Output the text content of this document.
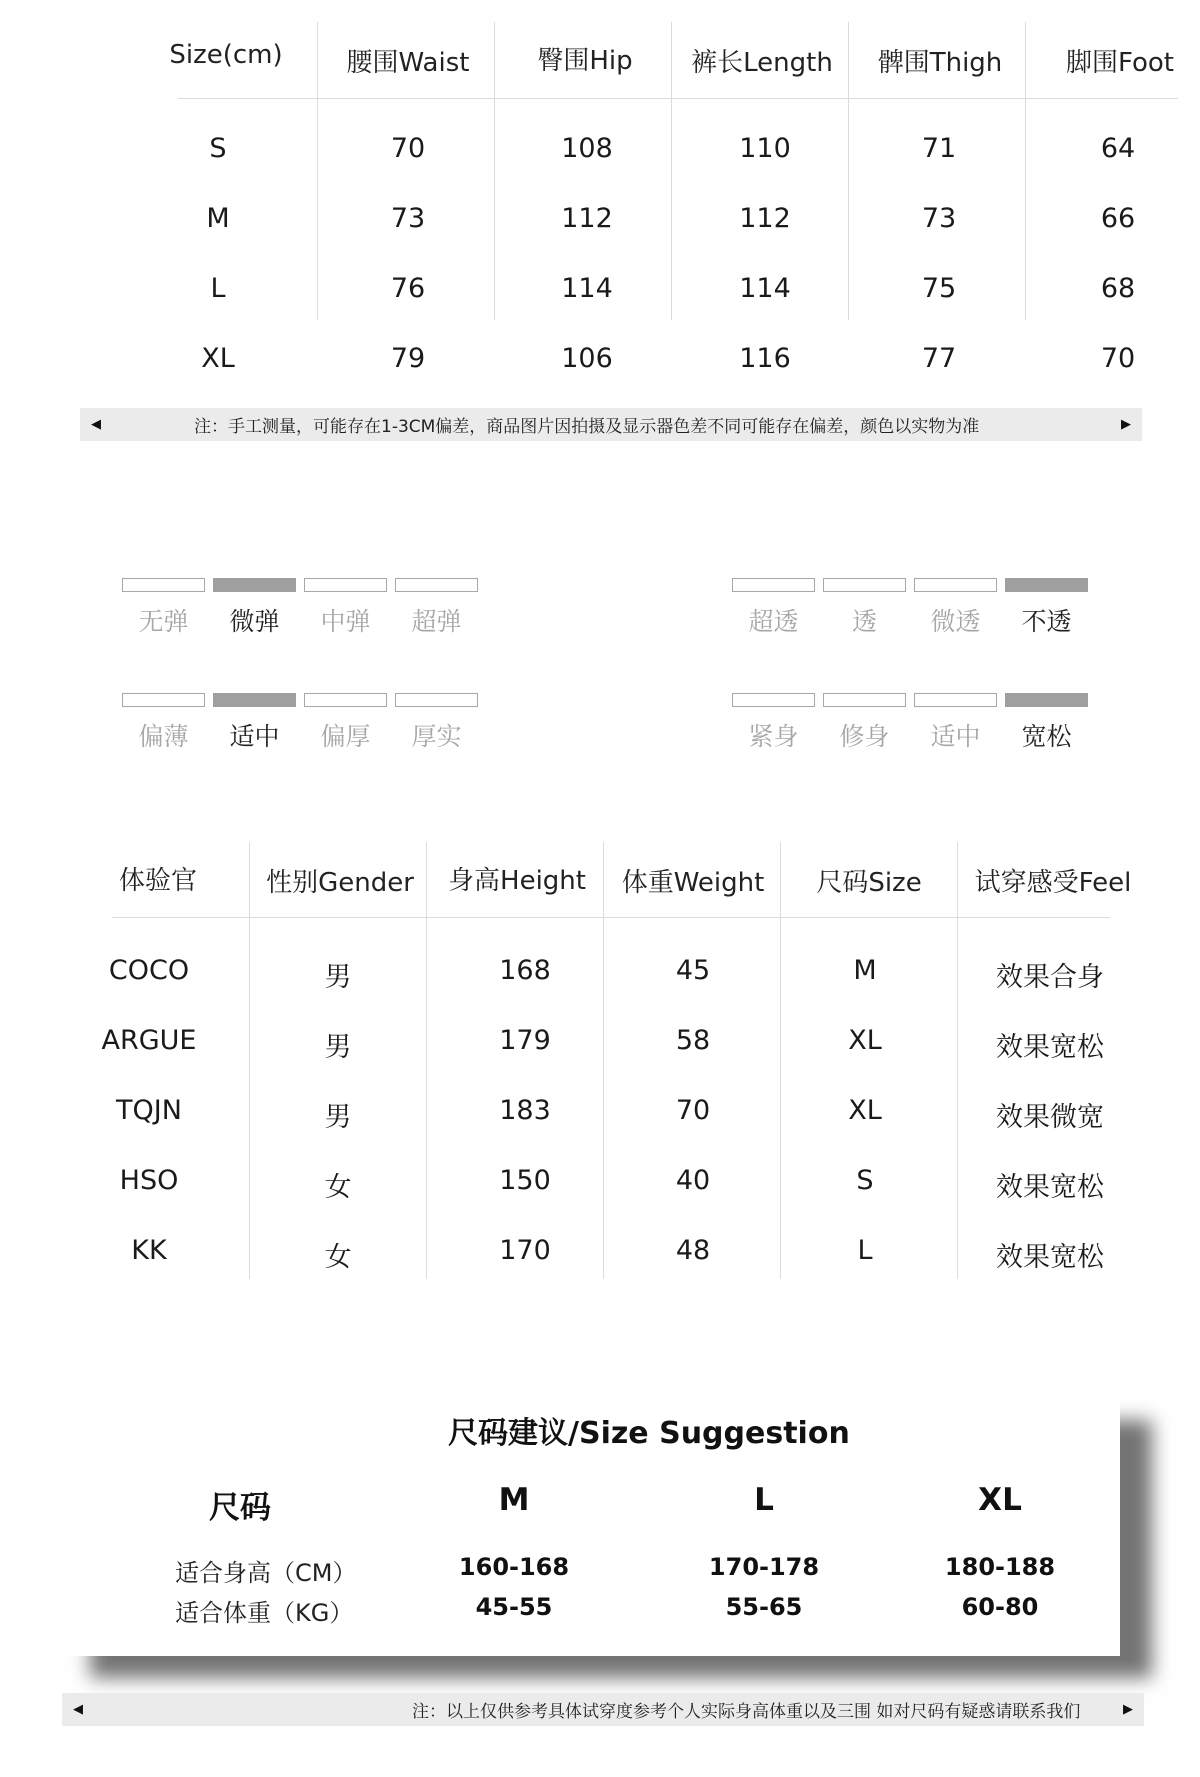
Size(cm)	腰围Waist	臀围Hip	裤长Length	髀围Thigh	脚围Foot
S	70	108	110	71	64
M	73	112	112	73	66
L	76	114	114	75	68
XL	79	106	116	77	70
◀	注：手工测量，可能存在1-3CM偏差，商品图片因拍摄及显示器色差不同可能存在偏差，颜色以实物为准	▶
无弹	微弹	中弹	超弹	超透	透	微透	不透
偏薄	适中	偏厚	厚实	紧身	修身	适中	宽松
体验官	性别Gender	身高Height	体重Weight	尺码Size	试穿感受Feel
COCO	男	168	45	M	效果合身
ARGUE	男	179	58	XL	效果宽松
TQJN	男	183	70	XL	效果微宽
HSO	女	150	40	S	效果宽松
KK	女	170	48	L	效果宽松
尺码建议/Size Suggestion
尺码	M	L	XL
适合身高（CM）	160-168	170-178	180-188
适合体重（KG）	45-55	55-65	60-80
◀	注：以上仅供参考具体试穿度参考个人实际身高体重以及三围 如对尺码有疑惑请联系我们	▶
